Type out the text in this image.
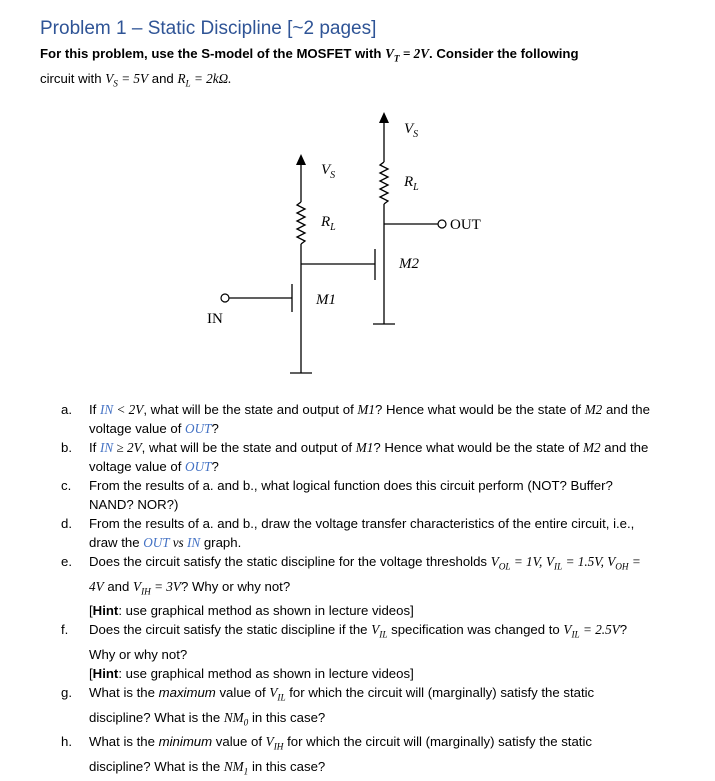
Problem 1 – Static Discipline [~2 pages]
For this problem, use the S-model of the MOSFET with $V_T = 2V$. Consider the following
circuit with $V_S = 5V$ and $R_L = 2k\Omega$.
$V_S$
$V_S$
$R_L$
$R_L$
M1
M2
OUT
IN
a. If IN < 2V, what will be the state and output of M1? Hence what would be the state of M2 and the voltage value of OUT?
b. If IN ≥ 2V, what will be the state and output of M1? Hence what would be the state of M2 and the voltage value of OUT?
c. From the results of a. and b., what logical function does this circuit perform (NOT? Buffer? NAND? NOR?)
d. From the results of a. and b., draw the voltage transfer characteristics of the entire circuit, i.e., draw the OUT vs IN graph.
e. Does the circuit satisfy the static discipline for the voltage thresholds $V_{OL} = 1V$, $V_{IL} = 1.5V$, $V_{OH} = 4V$ and $V_{IH} = 3V$? Why or why not?
[Hint: use graphical method as shown in lecture videos]
f. Does the circuit satisfy the static discipline if the $V_{IL}$ specification was changed to $V_{IL} = 2.5V$? Why or why not?
[Hint: use graphical method as shown in lecture videos]
g. What is the maximum value of $V_{IL}$ for which the circuit will (marginally) satisfy the static discipline? What is the $NM_0$ in this case?
h. What is the minimum value of $V_{IH}$ for which the circuit will (marginally) satisfy the static discipline? What is the $NM_1$ in this case?
